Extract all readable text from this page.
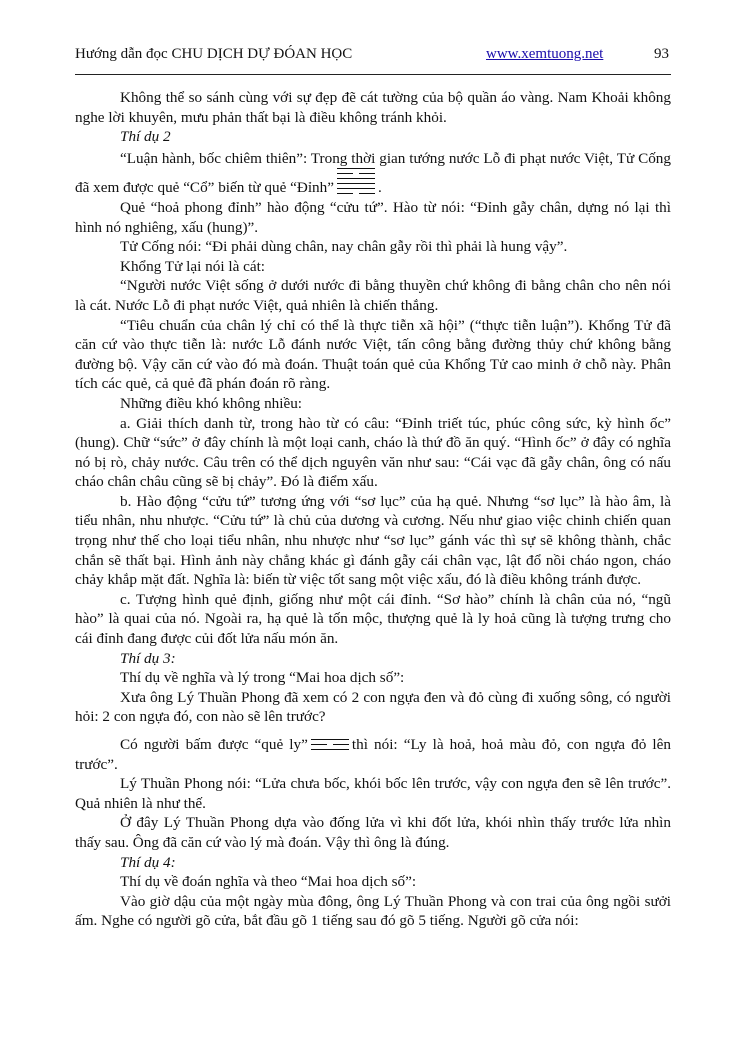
Hướng dẫn đọc CHU DỊCH DỰ ĐÓAN HỌC	www.xemtuong.net	93

Không thể so sánh cùng với sự đẹp đẽ cát tường của bộ quần áo vàng. Nam Khoải không nghe lời khuyên, mưu phản thất bại là điều không tránh khỏi.

Thí dụ 2

“Luận hành, bốc chiêm thiên”: Trong thời gian tướng nước Lỗ đi phạt nước Việt, Tử Cống đã xem được quẻ “Cổ” biến từ quẻ “Đỉnh”	.

Quẻ “hoả phong đỉnh” hào động “cửu tứ”. Hào từ nói: “Đỉnh gẫy chân, dựng nó lại thì hình nó nghiêng, xấu (hung)”.

Tử Cống nói: “Đi phải dùng chân, nay chân gẫy rồi thì phải là hung vậy”.

Khổng Tử lại nói là cát:

“Người nước Việt sống ở dưới nước đi bằng thuyền chứ không đi bằng chân cho nên nói là cát. Nước Lỗ đi phạt nước Việt, quả nhiên là chiến thắng.

“Tiêu chuẩn của chân lý chỉ có thể là thực tiễn xã hội” (“thực tiễn luận”). Khổng Tử đã căn cứ vào thực tiễn là: nước Lỗ đánh nước Việt, tấn công bằng đường thủy chứ không bằng đường bộ. Vậy căn cứ vào đó mà đoán. Thuật toán quẻ của Khổng Tử cao minh ở chỗ này. Phân tích các quẻ, cả quẻ đã phán đoán rõ ràng.

Những điều khó không nhiều:

a. Giải thích danh từ, trong hào từ có câu: “Đỉnh triết túc, phúc công sức, kỳ hình ốc” (hung). Chữ “sức” ở đây chính là một loại canh, cháo là thứ đồ ăn quý. “Hình ốc” ở đây có nghĩa nó bị rò, chảy nước. Câu trên có thể dịch nguyên văn như sau: “Cái vạc đã gẫy chân, ông có nấu cháo chân châu cũng sẽ bị chảy”. Đó là điểm xấu.

b. Hào động “cửu tứ” tương ứng với “sơ lục” của hạ quẻ. Nhưng “sơ lục” là hào âm, là tiểu nhân, nhu nhược. “Cửu tứ” là chủ của dương và cương. Nếu như giao việc chinh chiến quan trọng như thế cho loại tiểu nhân, nhu nhược như “sơ lục” gánh vác thì sự sẽ không thành, chắc chắn sẽ thất bại. Hình ảnh này chẳng khác gì đánh gẫy cái chân vạc, lật đổ nồi cháo ngon, cháo chảy khắp mặt đất. Nghĩa là: biến từ việc tốt sang một việc xấu, đó là điều không tránh được.

c. Tượng hình quẻ định, giống như một cái đỉnh. “Sơ hào” chính là chân của nó, “ngũ hào” là quai của nó. Ngoài ra, hạ quẻ là tốn mộc, thượng quẻ là ly hoả cũng là tượng trưng cho cái đỉnh đang được củi đốt lửa nấu món ăn.

Thí dụ 3:

Thí dụ về nghĩa và lý trong “Mai hoa dịch số”:

Xưa ông Lý Thuần Phong đã xem có 2 con ngựa đen và đỏ cùng đi xuống sông, có người hỏi: 2 con ngựa đó, con nào sẽ lên trước?

Có người bấm được “quẻ ly”	thì nói: “Ly là hoả, hoả màu đỏ, con ngựa đỏ lên trước”.

Lý Thuần Phong nói: “Lửa chưa bốc, khói bốc lên trước, vậy con ngựa đen sẽ lên trước”. Quả nhiên là như thế.

Ở đây Lý Thuần Phong dựa vào đống lửa vì khi đốt lửa, khói nhìn thấy trước lửa nhìn thấy sau. Ông đã căn cứ vào lý mà đoán. Vậy thì ông là đúng.

Thí dụ 4:

Thí dụ về đoán nghĩa và theo “Mai hoa dịch số”:

Vào giờ dậu của một ngày mùa đông, ông Lý Thuần Phong và con trai của ông ngồi sưởi ấm. Nghe có người gõ cửa, bắt đầu gõ 1 tiếng sau đó gõ 5 tiếng. Người gõ cửa nói:
